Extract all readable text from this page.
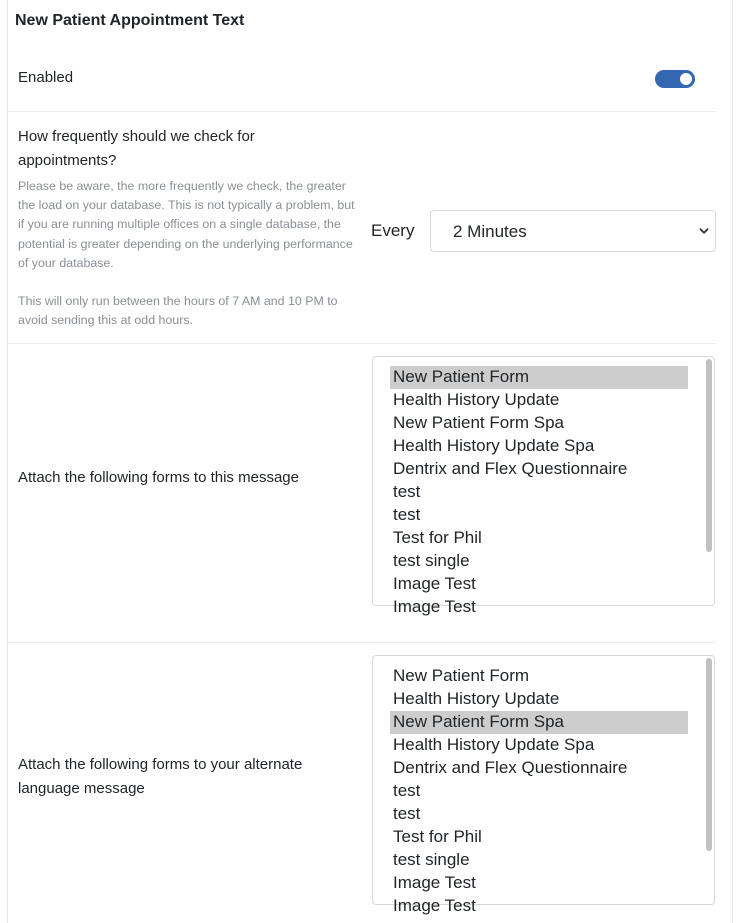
New Patient Appointment Text
Enabled
How frequently should we check for appointments?

Please be aware, the more frequently we check, the greater the load on your database. This is not typically a problem, but if you are running multiple offices on a single database, the potential is greater depending on the underlying performance of your database.

This will only run between the hours of 7 AM and 10 PM to avoid sending this at odd hours.

Every 2 Minutes
Attach the following forms to this message
New Patient Form
Health History Update
New Patient Form Spa
Health History Update Spa
Dentrix and Flex Questionnaire
test
test
Test for Phil
test single
Image Test
Image Test
Attach the following forms to your alternate language message
New Patient Form
Health History Update
New Patient Form Spa
Health History Update Spa
Dentrix and Flex Questionnaire
test
test
Test for Phil
test single
Image Test
Image Test
